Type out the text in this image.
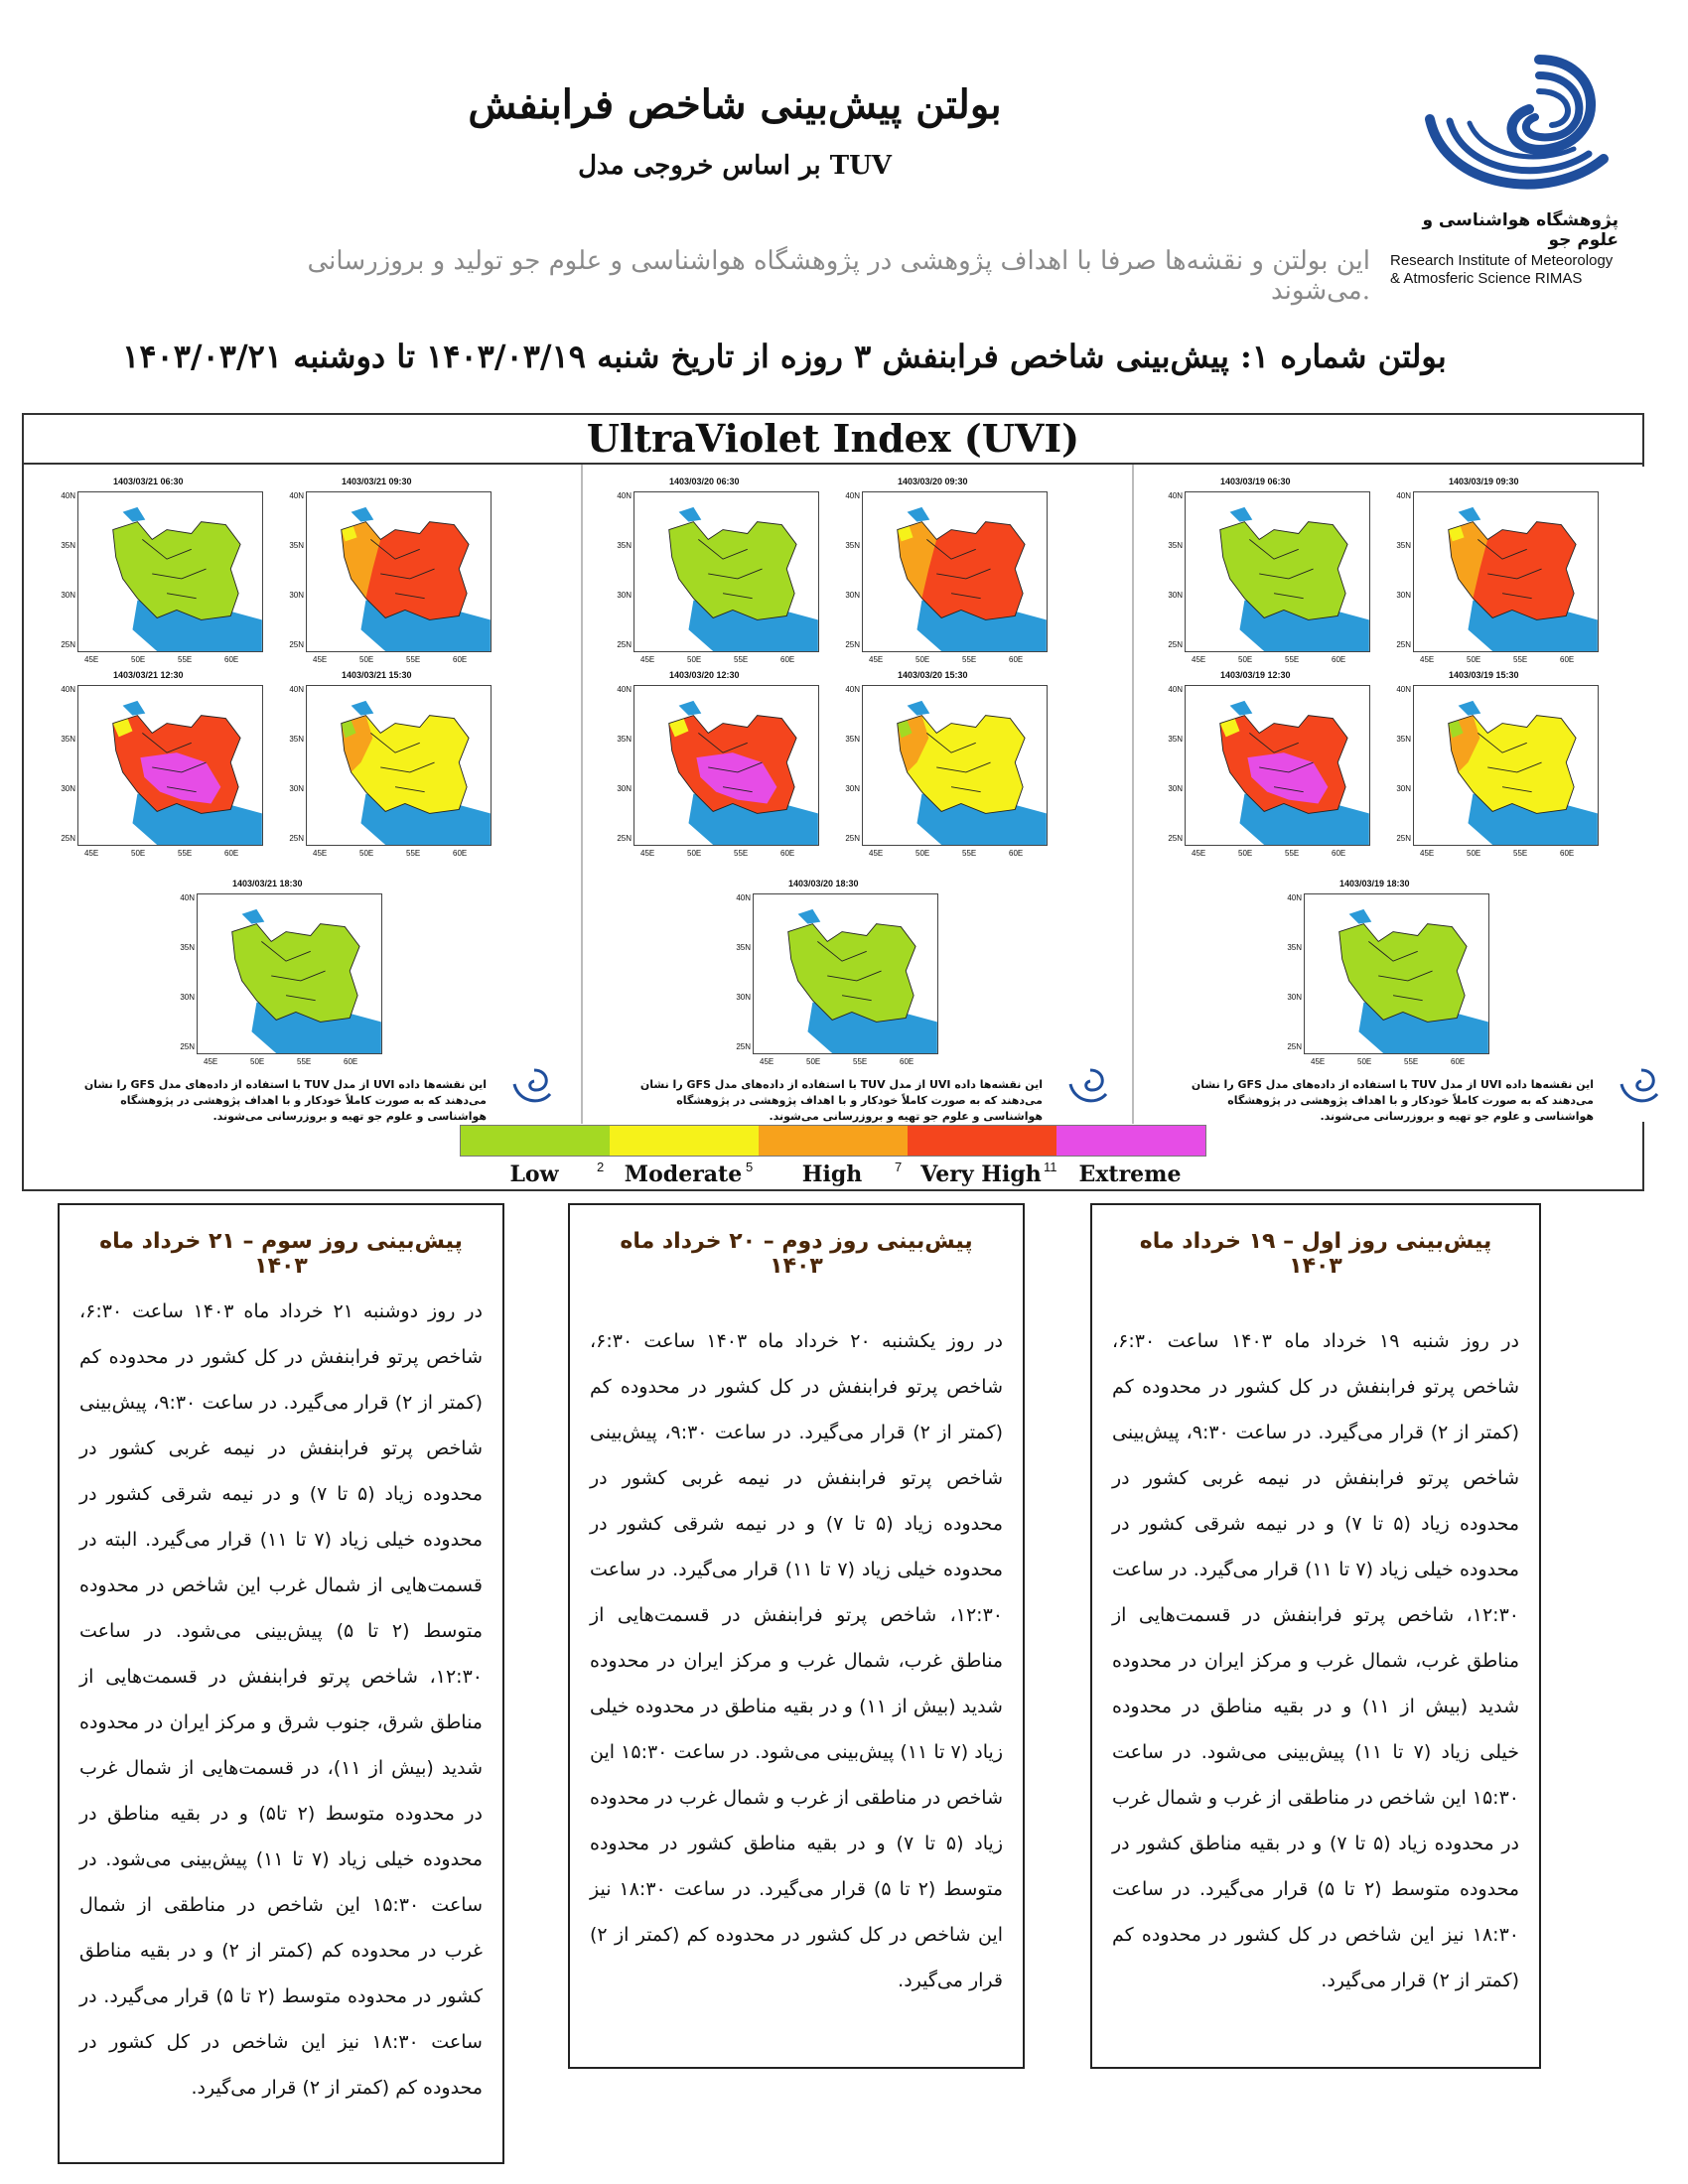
بولتن پیش‌بینی شاخص فرابنفش
بر اساس خروجی مدل TUV
این بولتن و نقشه‌ها صرفا با اهداف پژوهشی در پژوهشگاه هواشناسی و علوم جو تولید و بروزرسانی می‌شوند.
پژوهشگاه هواشناسی و علوم جو
Research Institute of Meteorology
& Atmosferic Science RIMAS
بولتن شماره ۱: پیش‌بینی شاخص فرابنفش ۳ روزه از تاریخ شنبه ۱۴۰۳/۰۳/۱۹ تا دوشنبه ۱۴۰۳/۰۳/۲۱
UltraViolet Index (UVI)
1403/03/21 06:30
40N
35N
30N
25N
45E	50E	55E	60E
1403/03/21 09:30
40N
35N
30N
25N
45E	50E	55E	60E
1403/03/21 12:30
40N
35N
30N
25N
45E	50E	55E	60E
1403/03/21 15:30
40N
35N
30N
25N
45E	50E	55E	60E
1403/03/21 18:30
40N
35N
30N
25N
45E	50E	55E	60E
این نقشه‌ها داده UVI از مدل TUV با استفاده از داده‌های مدل GFS را نشان می‌دهند که به صورت کاملاً خودکار و با اهداف پژوهشی در پژوهشگاه هواشناسی و علوم جو تهیه و بروزرسانی می‌شوند.
1403/03/20 06:30
40N
35N
30N
25N
45E	50E	55E	60E
1403/03/20 09:30
40N
35N
30N
25N
45E	50E	55E	60E
1403/03/20 12:30
40N
35N
30N
25N
45E	50E	55E	60E
1403/03/20 15:30
40N
35N
30N
25N
45E	50E	55E	60E
1403/03/20 18:30
40N
35N
30N
25N
45E	50E	55E	60E
این نقشه‌ها داده UVI از مدل TUV با استفاده از داده‌های مدل GFS را نشان می‌دهند که به صورت کاملاً خودکار و با اهداف پژوهشی در پژوهشگاه هواشناسی و علوم جو تهیه و بروزرسانی می‌شوند.
1403/03/19 06:30
40N
35N
30N
25N
45E	50E	55E	60E
1403/03/19 09:30
40N
35N
30N
25N
45E	50E	55E	60E
1403/03/19 12:30
40N
35N
30N
25N
45E	50E	55E	60E
1403/03/19 15:30
40N
35N
30N
25N
45E	50E	55E	60E
1403/03/19 18:30
40N
35N
30N
25N
45E	50E	55E	60E
این نقشه‌ها داده UVI از مدل TUV با استفاده از داده‌های مدل GFS را نشان می‌دهند که به صورت کاملاً خودکار و با اهداف پژوهشی در پژوهشگاه هواشناسی و علوم جو تهیه و بروزرسانی می‌شوند.
Low	Moderate	High	Very High	Extreme
2	5	7	11
پیش‌بینی روز سوم – ۲۱ خرداد ماه ۱۴۰۳

در روز دوشنبه ۲۱ خرداد ماه ۱۴۰۳ ساعت ۶:۳۰، شاخص پرتو فرابنفش در کل کشور در محدوده کم (کمتر از ۲) قرار می‌گیرد. در ساعت ۹:۳۰، پیش‌بینی شاخص پرتو فرابنفش در نیمه غربی کشور در محدوده زیاد (۵ تا ۷) و در نیمه شرقی کشور در محدوده خیلی زیاد (۷ تا ۱۱) قرار می‌گیرد. البته در قسمت‌هایی از شمال غرب این شاخص در محدوده متوسط (۲ تا ۵) پیش‌بینی می‌شود. در ساعت ۱۲:۳۰، شاخص پرتو فرابنفش در قسمت‌هایی از مناطق شرق، جنوب شرق و مرکز ایران در محدوده شدید (بیش از ۱۱)، در قسمت‌هایی از شمال غرب در محدوده متوسط (۲ تا۵) و در بقیه مناطق در محدوده خیلی زیاد (۷ تا ۱۱) پیش‌بینی می‌شود. در ساعت ۱۵:۳۰ این شاخص در مناطقی از شمال غرب در محدوده کم (کمتر از ۲) و در بقیه مناطق کشور در محدوده متوسط (۲ تا ۵) قرار می‌گیرد. در ساعت ۱۸:۳۰ نیز این شاخص در کل کشور در محدوده کم (کمتر از ۲) قرار می‌گیرد.

پیش‌بینی روز دوم – ۲۰ خرداد ماه ۱۴۰۳

در روز یکشنبه ۲۰ خرداد ماه ۱۴۰۳ ساعت ۶:۳۰، شاخص پرتو فرابنفش در کل کشور در محدوده کم (کمتر از ۲) قرار می‌گیرد. در ساعت ۹:۳۰، پیش‌بینی شاخص پرتو فرابنفش در نیمه غربی کشور در محدوده زیاد (۵ تا ۷) و در نیمه شرقی کشور در محدوده خیلی زیاد (۷ تا ۱۱) قرار می‌گیرد. در ساعت ۱۲:۳۰، شاخص پرتو فرابنفش در قسمت‌هایی از مناطق غرب، شمال غرب و مرکز ایران در محدوده شدید (بیش از ۱۱) و در بقیه مناطق در محدوده خیلی زیاد (۷ تا ۱۱) پیش‌بینی می‌شود. در ساعت ۱۵:۳۰ این شاخص در مناطقی از غرب و شمال غرب در محدوده زیاد (۵ تا ۷) و در بقیه مناطق کشور در محدوده متوسط (۲ تا ۵) قرار می‌گیرد. در ساعت ۱۸:۳۰ نیز این شاخص در کل کشور در محدوده کم (کمتر از ۲) قرار می‌گیرد.

پیش‌بینی روز اول – ۱۹ خرداد ماه ۱۴۰۳

در روز شنبه ۱۹ خرداد ماه ۱۴۰۳ ساعت ۶:۳۰، شاخص پرتو فرابنفش در کل کشور در محدوده کم (کمتر از ۲) قرار می‌گیرد. در ساعت ۹:۳۰، پیش‌بینی شاخص پرتو فرابنفش در نیمه غربی کشور در محدوده زیاد (۵ تا ۷) و در نیمه شرقی کشور در محدوده خیلی زیاد (۷ تا ۱۱) قرار می‌گیرد. در ساعت ۱۲:۳۰، شاخص پرتو فرابنفش در قسمت‌هایی از مناطق غرب، شمال غرب و مرکز ایران در محدوده شدید (بیش از ۱۱) و در بقیه مناطق در محدوده خیلی زیاد (۷ تا ۱۱) پیش‌بینی می‌شود. در ساعت ۱۵:۳۰ این شاخص در مناطقی از غرب و شمال غرب در محدوده زیاد (۵ تا ۷) و در بقیه مناطق کشور در محدوده متوسط (۲ تا ۵) قرار می‌گیرد. در ساعت ۱۸:۳۰ نیز این شاخص در کل کشور در محدوده کم (کمتر از ۲) قرار می‌گیرد.
